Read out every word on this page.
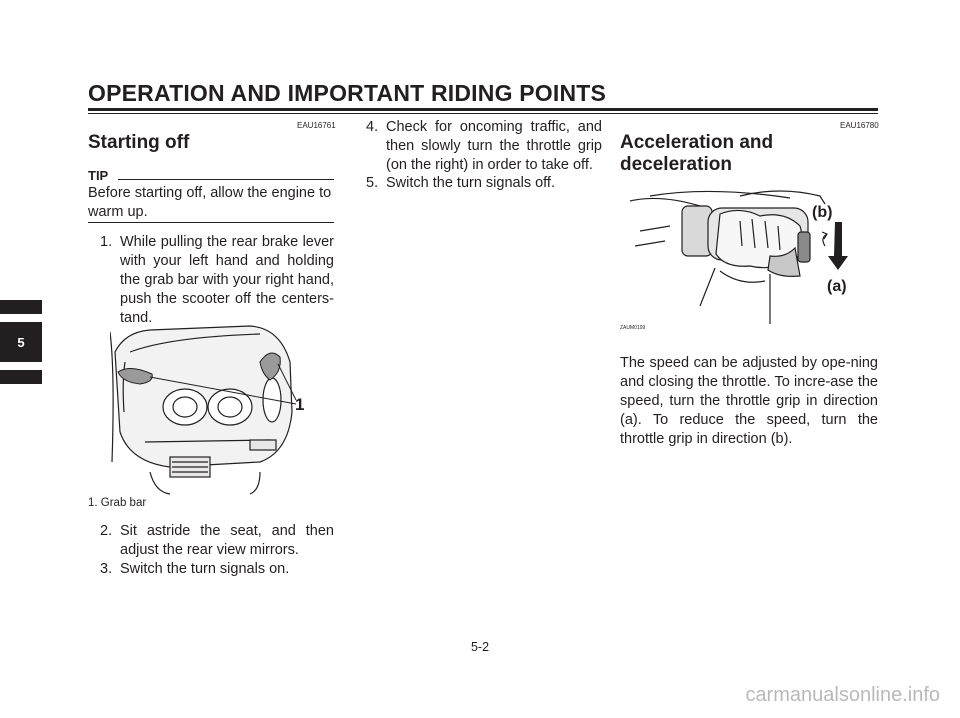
OPERATION AND IMPORTANT RIDING POINTS
5
EAU16761
Starting off
TIP
Before starting off, allow the engine to warm up.
1. While pulling the rear brake lever with your left hand and holding the grab bar with your right hand, push the scooter off the centers-tand.
1
1. Grab bar
2. Sit astride the seat, and then adjust the rear view mirrors.
3. Switch the turn signals on.
4. Check for oncoming traffic, and then slowly turn the throttle grip (on the right) in order to take off.
5. Switch the turn signals off.
EAU16780
Acceleration and
deceleration
(b)
(a)
ZAUM0199
The speed can be adjusted by ope-ning and closing the throttle. To incre-ase the speed, turn the throttle grip in direction (a). To reduce the speed, turn the throttle grip in direction (b).
5-2
carmanualsonline.info
